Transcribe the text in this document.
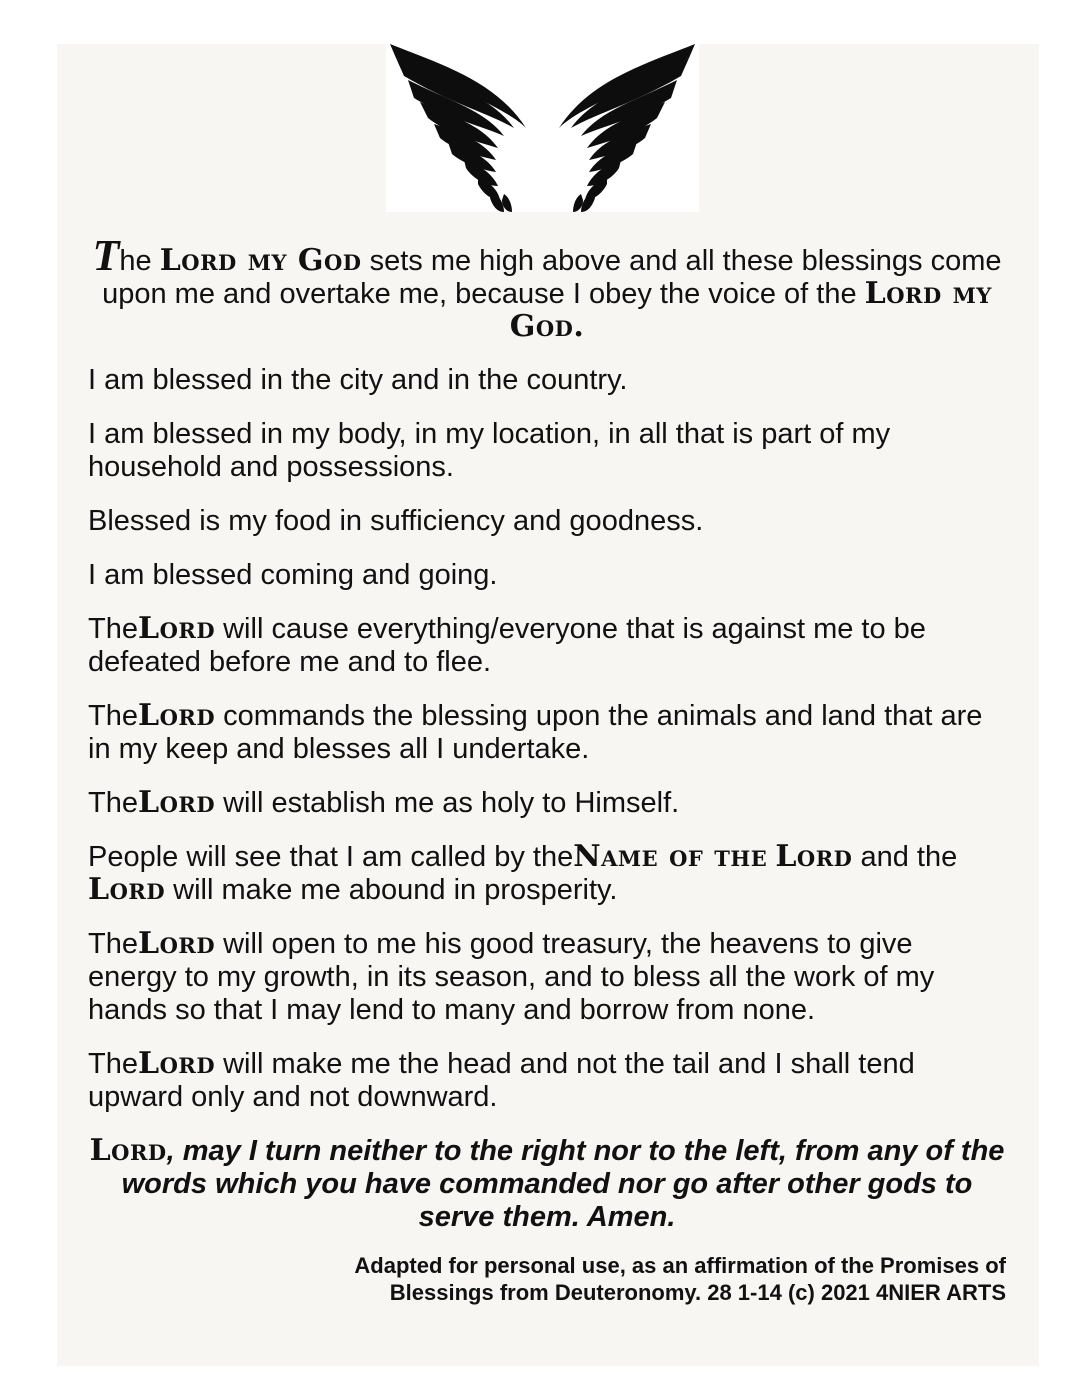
The Lord my God sets me high above and all these blessings come upon me and overtake me, because I obey the voice of the Lord my God.

I am blessed in the city and in the country.

I am blessed in my body, in my location, in all that is part of my household and possessions.

Blessed is my food in sufficiency and goodness.

I am blessed coming and going.

TheLord will cause everything/everyone that is against me to be defeated before me and to flee.

TheLord commands the blessing upon the animals and land that are in my keep and blesses all I undertake.

TheLord will establish me as holy to Himself.

People will see that I am called by theName of the Lord and the Lord will make me abound in prosperity.

TheLord will open to me his good treasury, the heavens to give energy to my growth, in its season, and to bless all the work of my hands so that I may lend to many and borrow from none.

TheLord will make me the head and not the tail and I shall tend upward only and not downward.

Lord, may I turn neither to the right nor to the left, from any of the words which you have commanded nor go after other gods to serve them. Amen.

Adapted for personal use, as an affirmation of the Promises of
Blessings from Deuteronomy. 28 1-14 (c) 2021 4NIER ARTS
